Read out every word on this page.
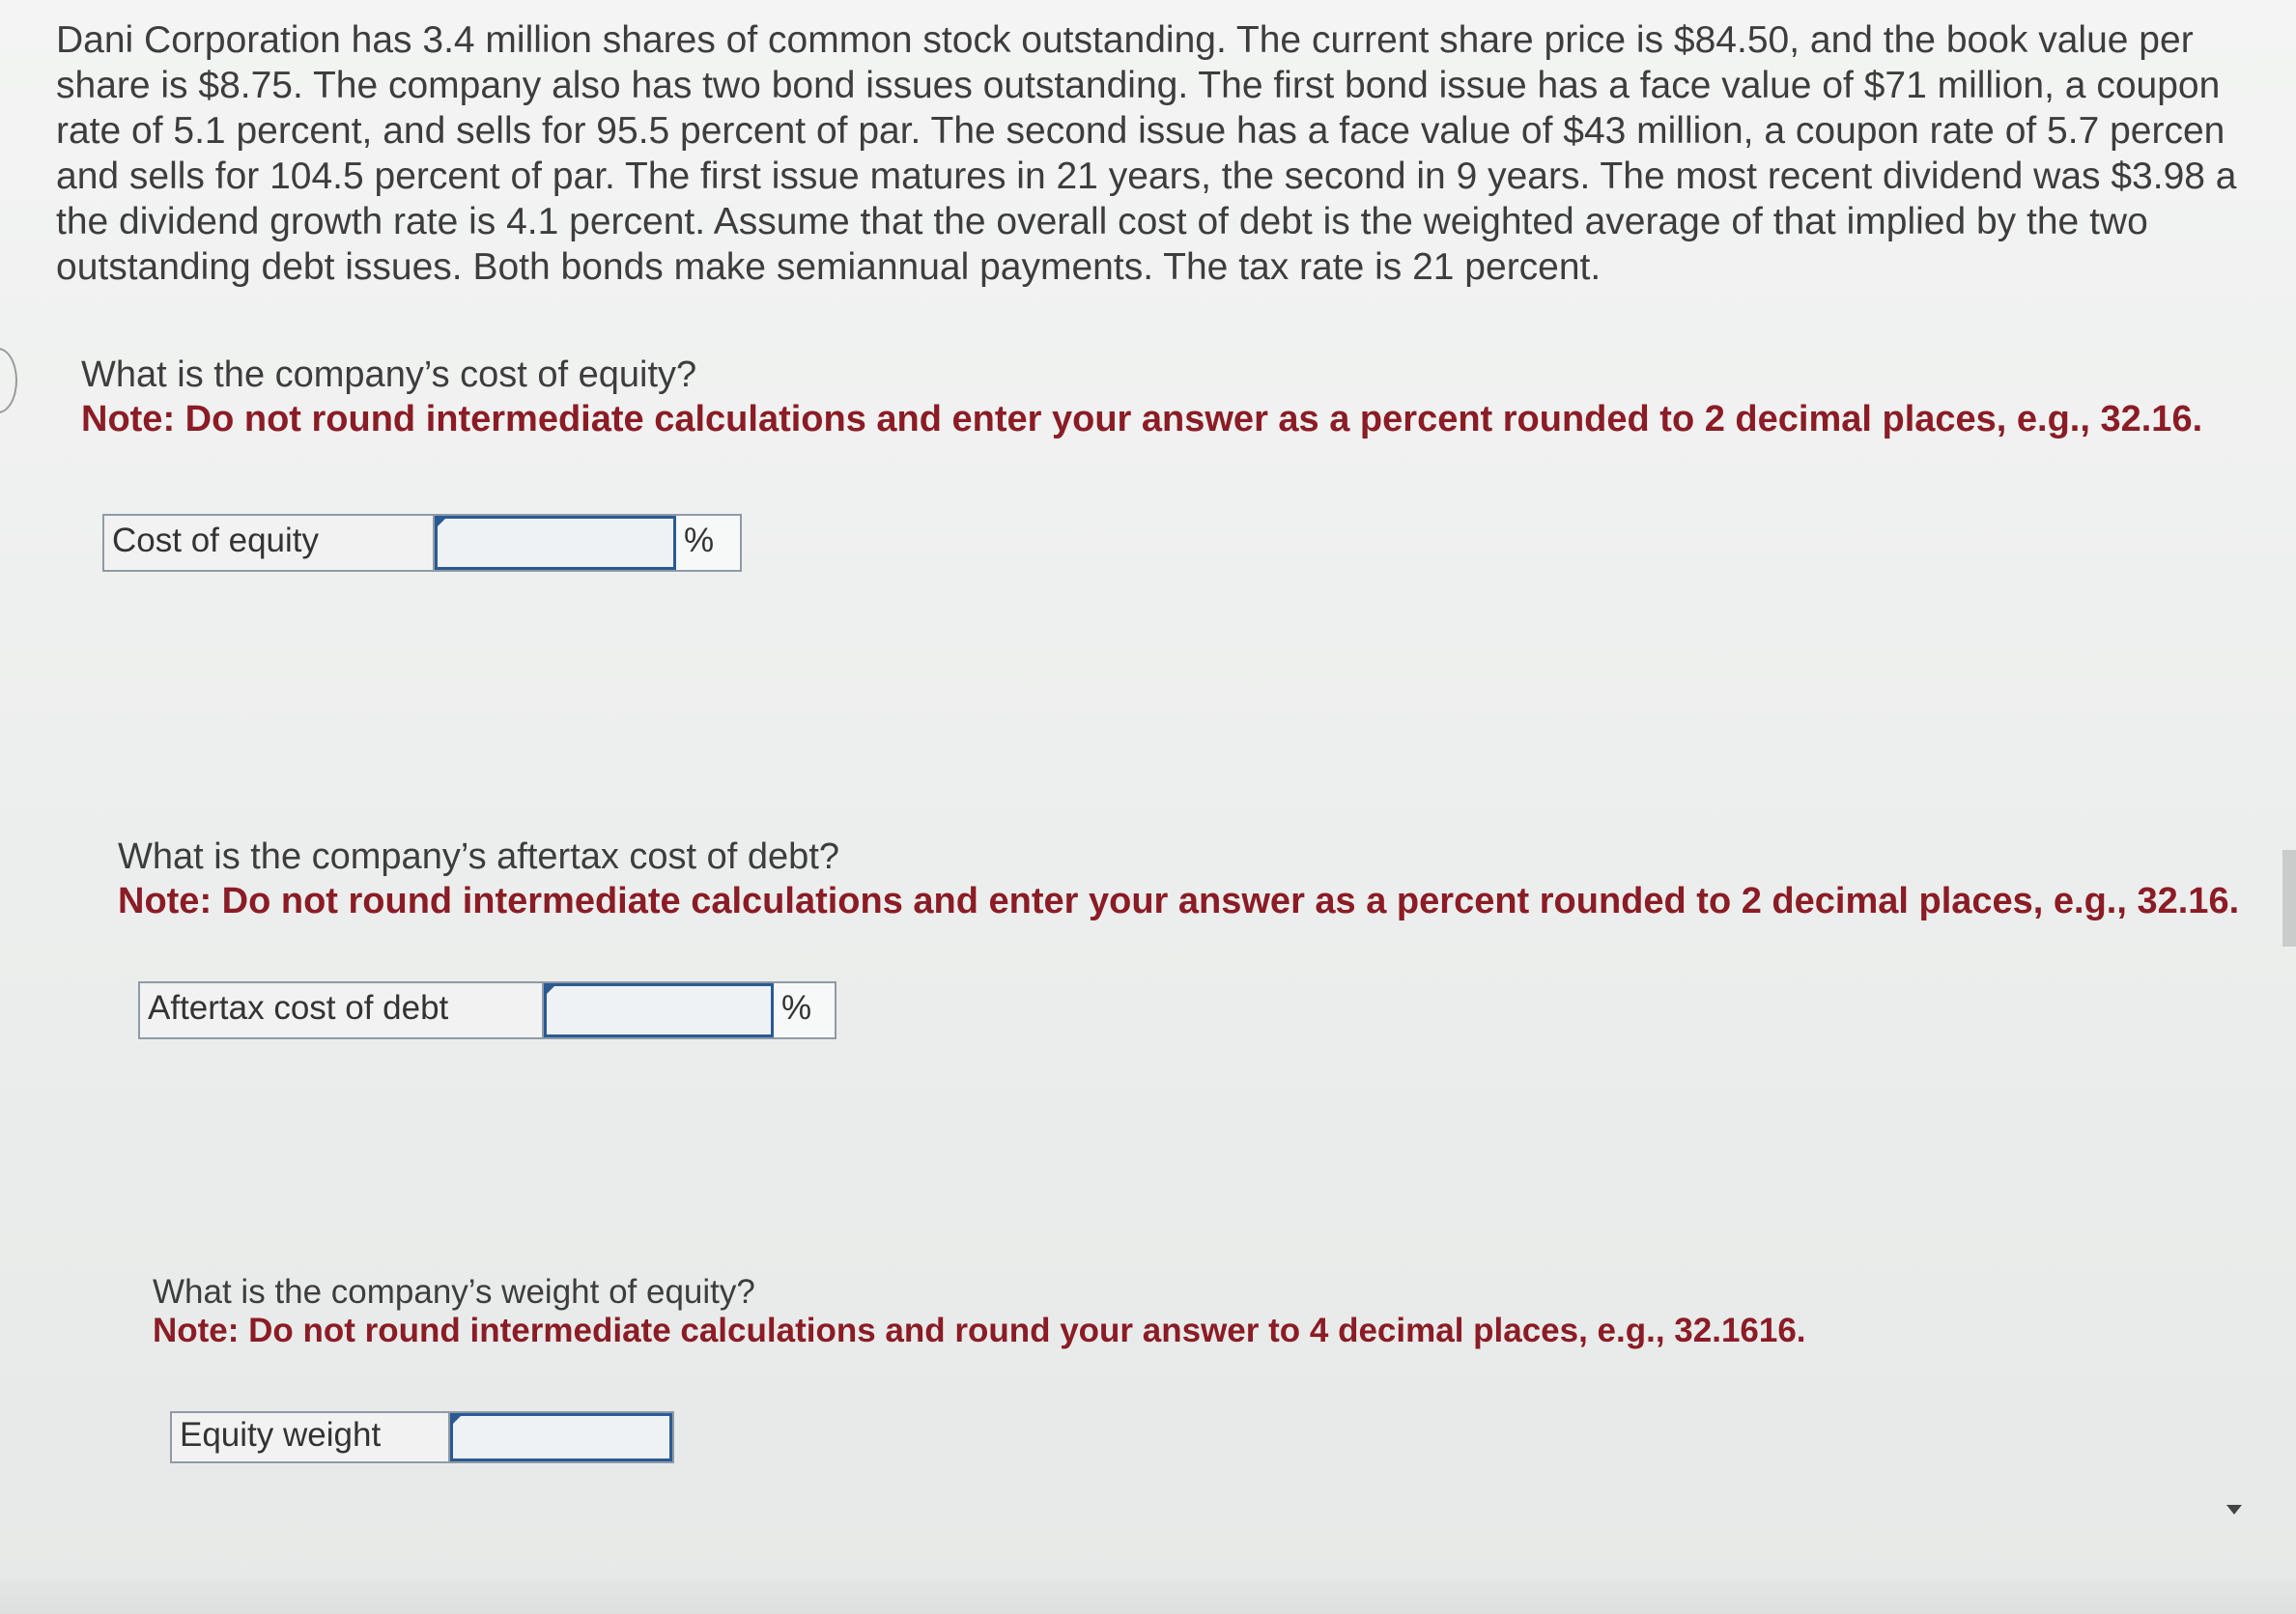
Dani Corporation has 3.4 million shares of common stock outstanding. The current share price is $84.50, and the book value per
share is $8.75. The company also has two bond issues outstanding. The first bond issue has a face value of $71 million, a coupon
rate of 5.1 percent, and sells for 95.5 percent of par. The second issue has a face value of $43 million, a coupon rate of 5.7 percen
and sells for 104.5 percent of par. The first issue matures in 21 years, the second in 9 years. The most recent dividend was $3.98 a
the dividend growth rate is 4.1 percent. Assume that the overall cost of debt is the weighted average of that implied by the two
outstanding debt issues. Both bonds make semiannual payments. The tax rate is 21 percent.
What is the company’s cost of equity?
Note: Do not round intermediate calculations and enter your answer as a percent rounded to 2 decimal places, e.g., 32.16.
Cost of equity	%
What is the company’s aftertax cost of debt?
Note: Do not round intermediate calculations and enter your answer as a percent rounded to 2 decimal places, e.g., 32.16.
Aftertax cost of debt	%
What is the company’s weight of equity?
Note: Do not round intermediate calculations and round your answer to 4 decimal places, e.g., 32.1616.
Equity weight
